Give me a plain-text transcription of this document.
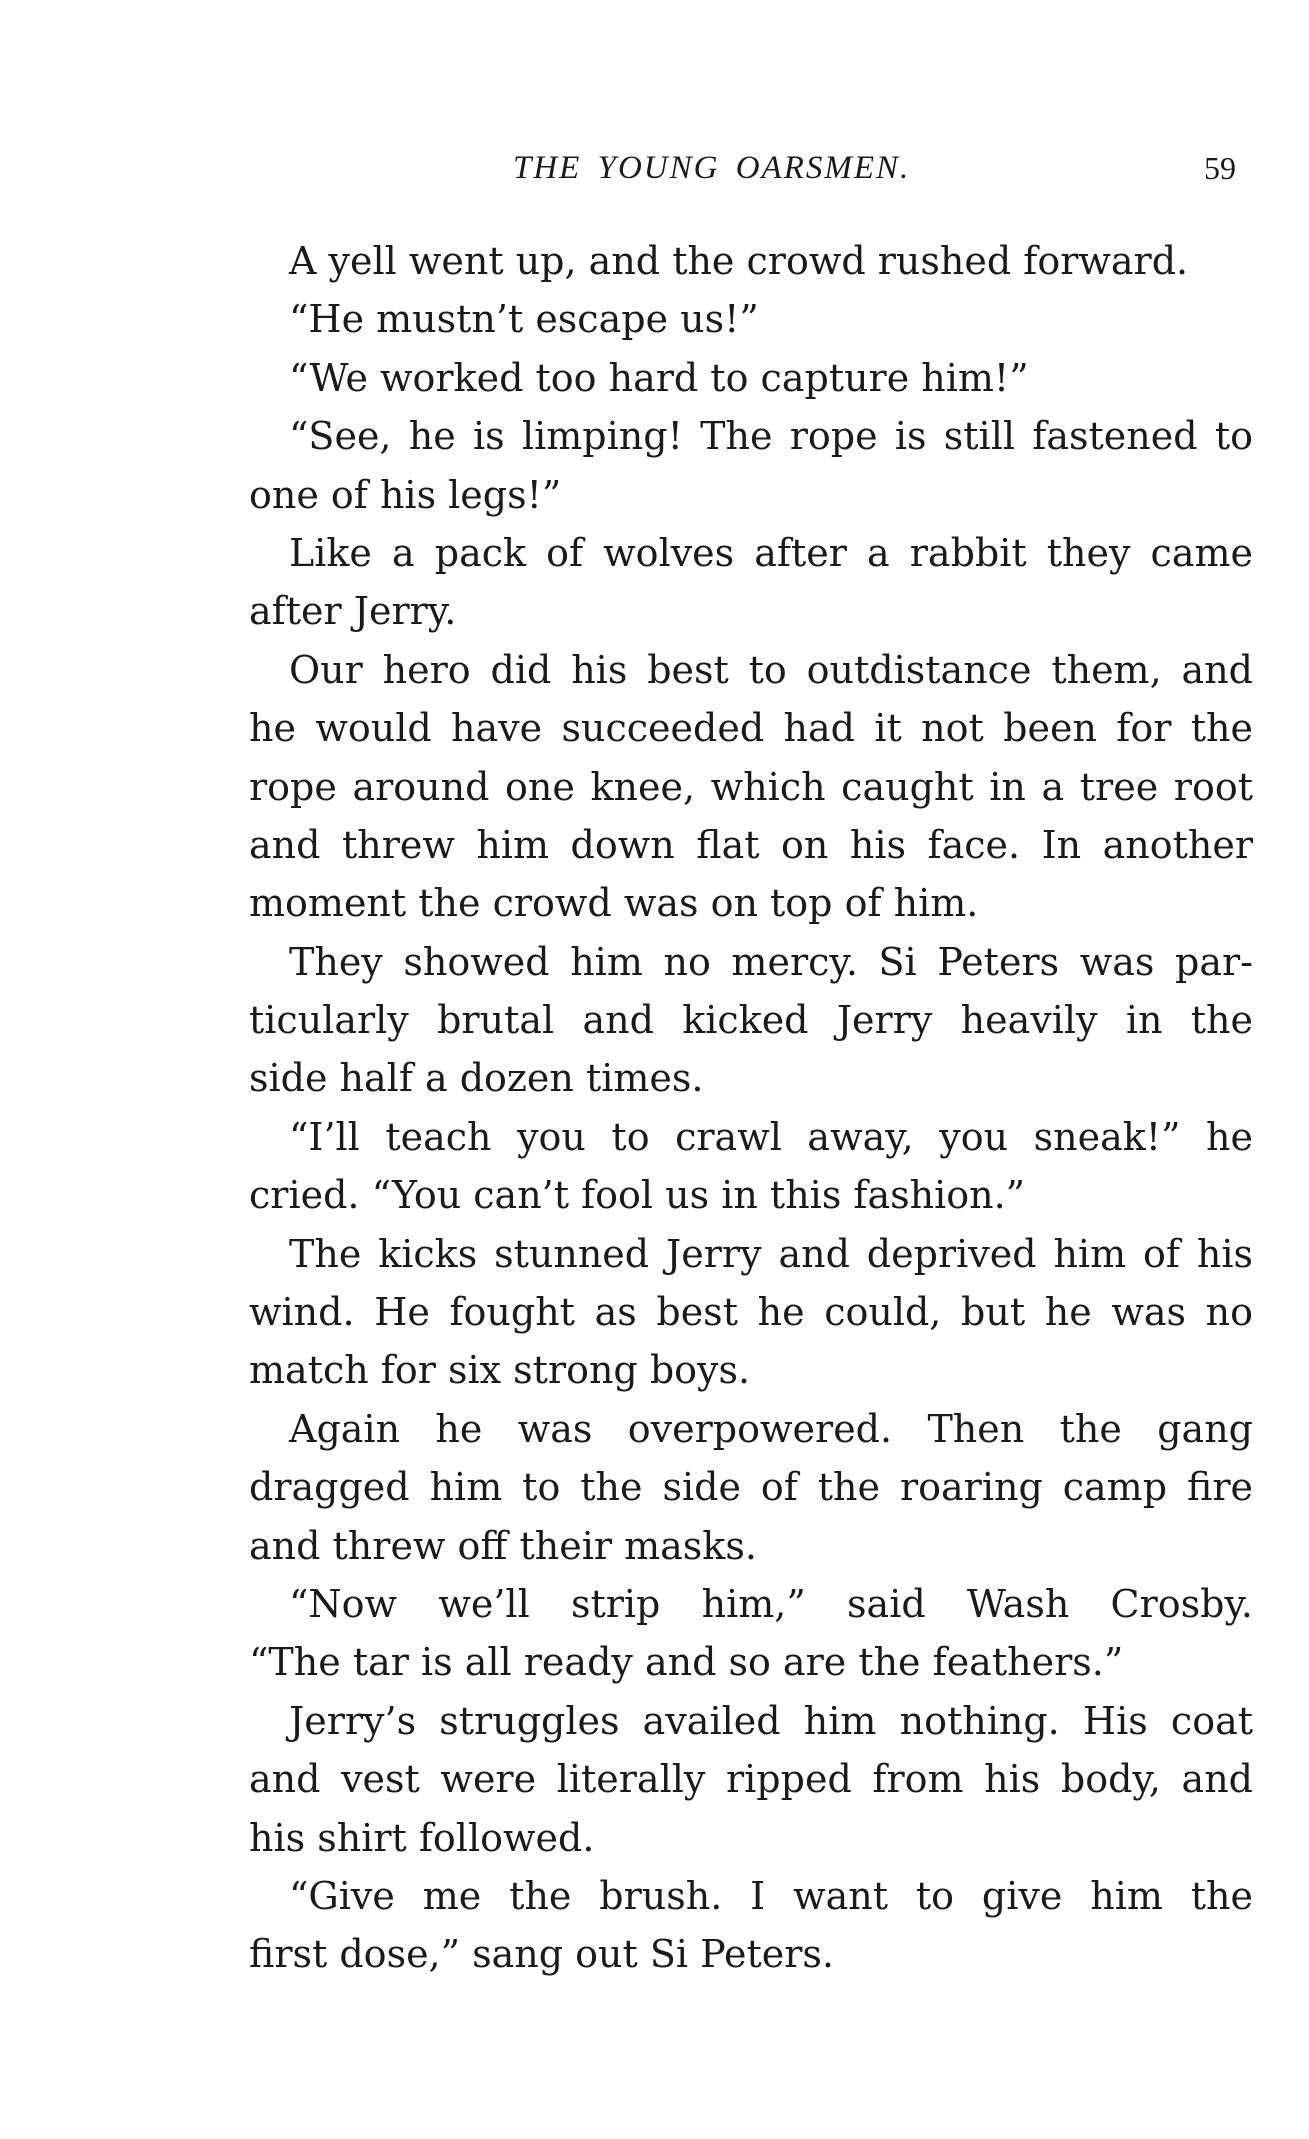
THE YOUNG OARSMEN.	59
A yell went up, and the crowd rushed forward.
“He mustn’t escape us!”
“We worked too hard to capture him!”
“See, he is limping! The rope is still fastened to
one of his legs!”
Like a pack of wolves after a rabbit they came
after Jerry.
Our hero did his best to outdistance them, and
he would have succeeded had it not been for the
rope around one knee, which caught in a tree root
and threw him down flat on his face. In another
moment the crowd was on top of him.
They showed him no mercy. Si Peters was par-
ticularly brutal and kicked Jerry heavily in the
side half a dozen times.
“I’ll teach you to crawl away, you sneak!” he
cried. “You can’t fool us in this fashion.”
The kicks stunned Jerry and deprived him of his
wind. He fought as best he could, but he was no
match for six strong boys.
Again he was overpowered. Then the gang
dragged him to the side of the roaring camp fire
and threw off their masks.
“Now we’ll strip him,” said Wash Crosby.
“The tar is all ready and so are the feathers.”
Jerry’s struggles availed him nothing. His coat
and vest were literally ripped from his body, and
his shirt followed.
“Give me the brush. I want to give him the
first dose,” sang out Si Peters.
